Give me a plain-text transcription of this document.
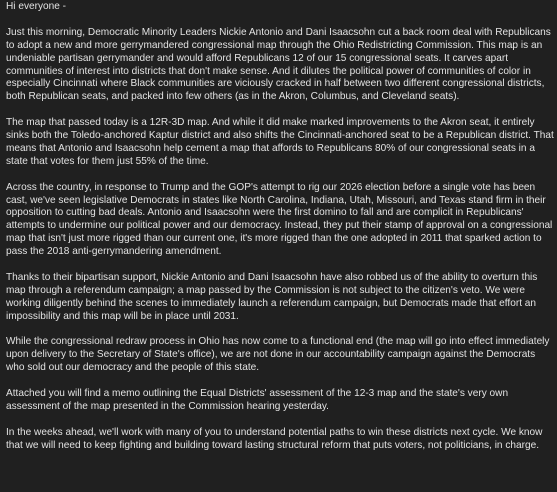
Hi everyone -

Just this morning, Democratic Minority Leaders Nickie Antonio and Dani Isaacsohn cut a back room deal with Republicans to adopt a new and more gerrymandered congressional map through the Ohio Redistricting Commission. This map is an undeniable partisan gerrymander and would afford Republicans 12 of our 15 congressional seats. It carves apart communities of interest into districts that don't make sense. And it dilutes the political power of communities of color in especially Cincinnati where Black communities are viciously cracked in half between two different congressional districts, both Republican seats, and packed into few others (as in the Akron, Columbus, and Cleveland seats).

The map that passed today is a 12R-3D map. And while it did make marked improvements to the Akron seat, it entirely sinks both the Toledo-anchored Kaptur district and also shifts the Cincinnati-anchored seat to be a Republican district. That means that Antonio and Isaacsohn help cement a map that affords to Republicans 80% of our congressional seats in a state that votes for them just 55% of the time.

Across the country, in response to Trump and the GOP's attempt to rig our 2026 election before a single vote has been cast, we've seen legislative Democrats in states like North Carolina, Indiana, Utah, Missouri, and Texas stand firm in their opposition to cutting bad deals. Antonio and Isaacsohn were the first domino to fall and are complicit in Republicans' attempts to undermine our political power and our democracy. Instead, they put their stamp of approval on a congressional map that isn't just more rigged than our current one, it's more rigged than the one adopted in 2011 that sparked action to pass the 2018 anti-gerrymandering amendment.

Thanks to their bipartisan support, Nickie Antonio and Dani Isaacsohn have also robbed us of the ability to overturn this map through a referendum campaign; a map passed by the Commission is not subject to the citizen's veto. We were working diligently behind the scenes to immediately launch a referendum campaign, but Democrats made that effort an impossibility and this map will be in place until 2031.

While the congressional redraw process in Ohio has now come to a functional end (the map will go into effect immediately upon delivery to the Secretary of State's office), we are not done in our accountability campaign against the Democrats who sold out our democracy and the people of this state.

Attached you will find a memo outlining the Equal Districts' assessment of the 12-3 map and the state's very own assessment of the map presented in the Commission hearing yesterday.

In the weeks ahead, we'll work with many of you to understand potential paths to win these districts next cycle. We know that we will need to keep fighting and building toward lasting structural reform that puts voters, not politicians, in charge.
